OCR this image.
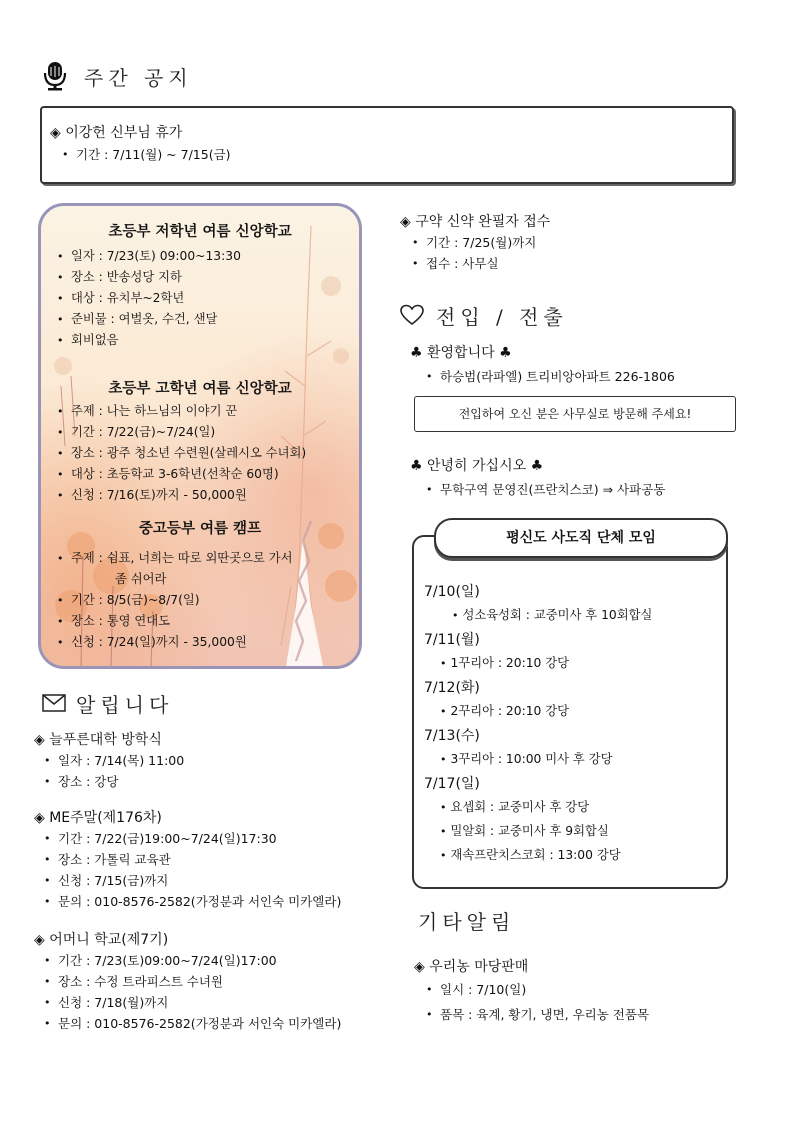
주간 공지
◈ 이강헌 신부님 휴가
• 기간 : 7/11(월) ~ 7/15(금)
초등부 저학년 여름 신앙학교
• 일자 : 7/23(토) 09:00~13:30
• 장소 : 반송성당 지하
• 대상 : 유치부~2학년
• 준비물 : 여벌옷, 수건, 샌달
• 회비없음
초등부 고학년 여름 신앙학교
• 주제 : 나는 하느님의 이야기 꾼
• 기간 : 7/22(금)~7/24(일)
• 장소 : 광주 청소년 수련원(살레시오 수녀회)
• 대상 : 초등학교 3-6학년(선착순 60명)
• 신청 : 7/16(토)까지 - 50,000원
중고등부 여름 캠프
• 주제 : 쉼표, 너희는 따로 외딴곳으로 가서
좀 쉬어라
• 기간 : 8/5(금)~8/7(일)
• 장소 : 통영 연대도
• 신청 : 7/24(일)까지 - 35,000원
◈ 구약 신약 완필자 접수
• 기간 : 7/25(월)까지
• 접수 : 사무실
전입 / 전출
♣ 환영합니다 ♣
• 하승범(라파엘) 트리비앙아파트 226-1806
전입하여 오신 분은 사무실로 방문해 주세요!
♣ 안녕히 가십시오 ♣
• 무학구역 문영진(프란치스코) ⇒ 사파공동
평신도 사도직 단체 모임
7/10(일)
• 성소육성회 : 교중미사 후 10회합실
7/11(월)
• 1꾸리아 : 20:10 강당
7/12(화)
• 2꾸리아 : 20:10 강당
7/13(수)
• 3꾸리아 : 10:00 미사 후 강당
7/17(일)
• 요셉회 : 교중미사 후 강당
• 밀알회 : 교중미사 후 9회합실
• 재속프란치스코회 : 13:00 강당
알립니다
◈ 늘푸른대학 방학식
• 일자 : 7/14(목) 11:00
• 장소 : 강당
◈ ME주말(제176차)
• 기간 : 7/22(금)19:00~7/24(일)17:30
• 장소 : 가톨릭 교육관
• 신청 : 7/15(금)까지
• 문의 : 010-8576-2582(가정분과 서인숙 미카엘라)
◈ 어머니 학교(제7기)
• 기간 : 7/23(토)09:00~7/24(일)17:00
• 장소 : 수정 트라피스트 수녀원
• 신청 : 7/18(월)까지
• 문의 : 010-8576-2582(가정분과 서인숙 미카엘라)
기타알림
◈ 우리농 마당판매
• 일시 : 7/10(일)
• 품목 : 육계, 황기, 냉면, 우리농 전품목
